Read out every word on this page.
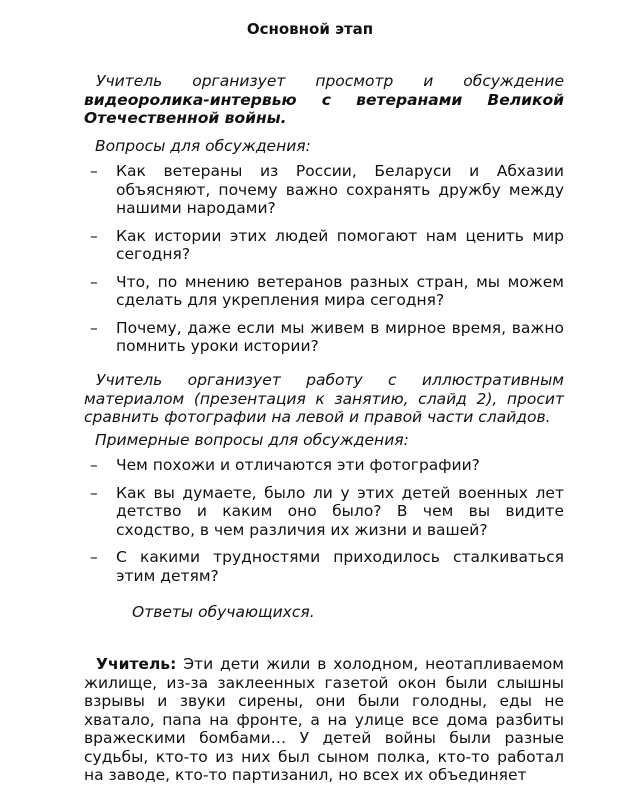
Основной этап
Учитель организует просмотр и обсуждение видеоролика-интервью с ветеранами Великой Отечественной войны.
Вопросы для обсуждения:
– Как ветераны из России, Беларуси и Абхазии объясняют, почему важно сохранять дружбу между нашими народами?
– Как истории этих людей помогают нам ценить мир сегодня?
– Что, по мнению ветеранов разных стран, мы можем сделать для укрепления мира сегодня?
– Почему, даже если мы живем в мирное время, важно помнить уроки истории?
Учитель организует работу с иллюстративным материалом (презентация к занятию, слайд 2), просит сравнить фотографии на левой и правой части слайдов.
Примерные вопросы для обсуждения:
– Чем похожи и отличаются эти фотографии?
– Как вы думаете, было ли у этих детей военных лет детство и каким оно было? В чем вы видите сходство, в чем различия их жизни и вашей?
– С какими трудностями приходилось сталкиваться этим детям?
Ответы обучающихся.
Учитель: Эти дети жили в холодном, неотапливаемом жилище, из-за заклеенных газетой окон были слышны взрывы и звуки сирены, они были голодны, еды не хватало, папа на фронте, а на улице все дома разбиты вражескими бомбами… У детей войны были разные судьбы, кто-то из них был сыном полка, кто-то работал на заводе, кто-то партизанил, но всех их объединяет
